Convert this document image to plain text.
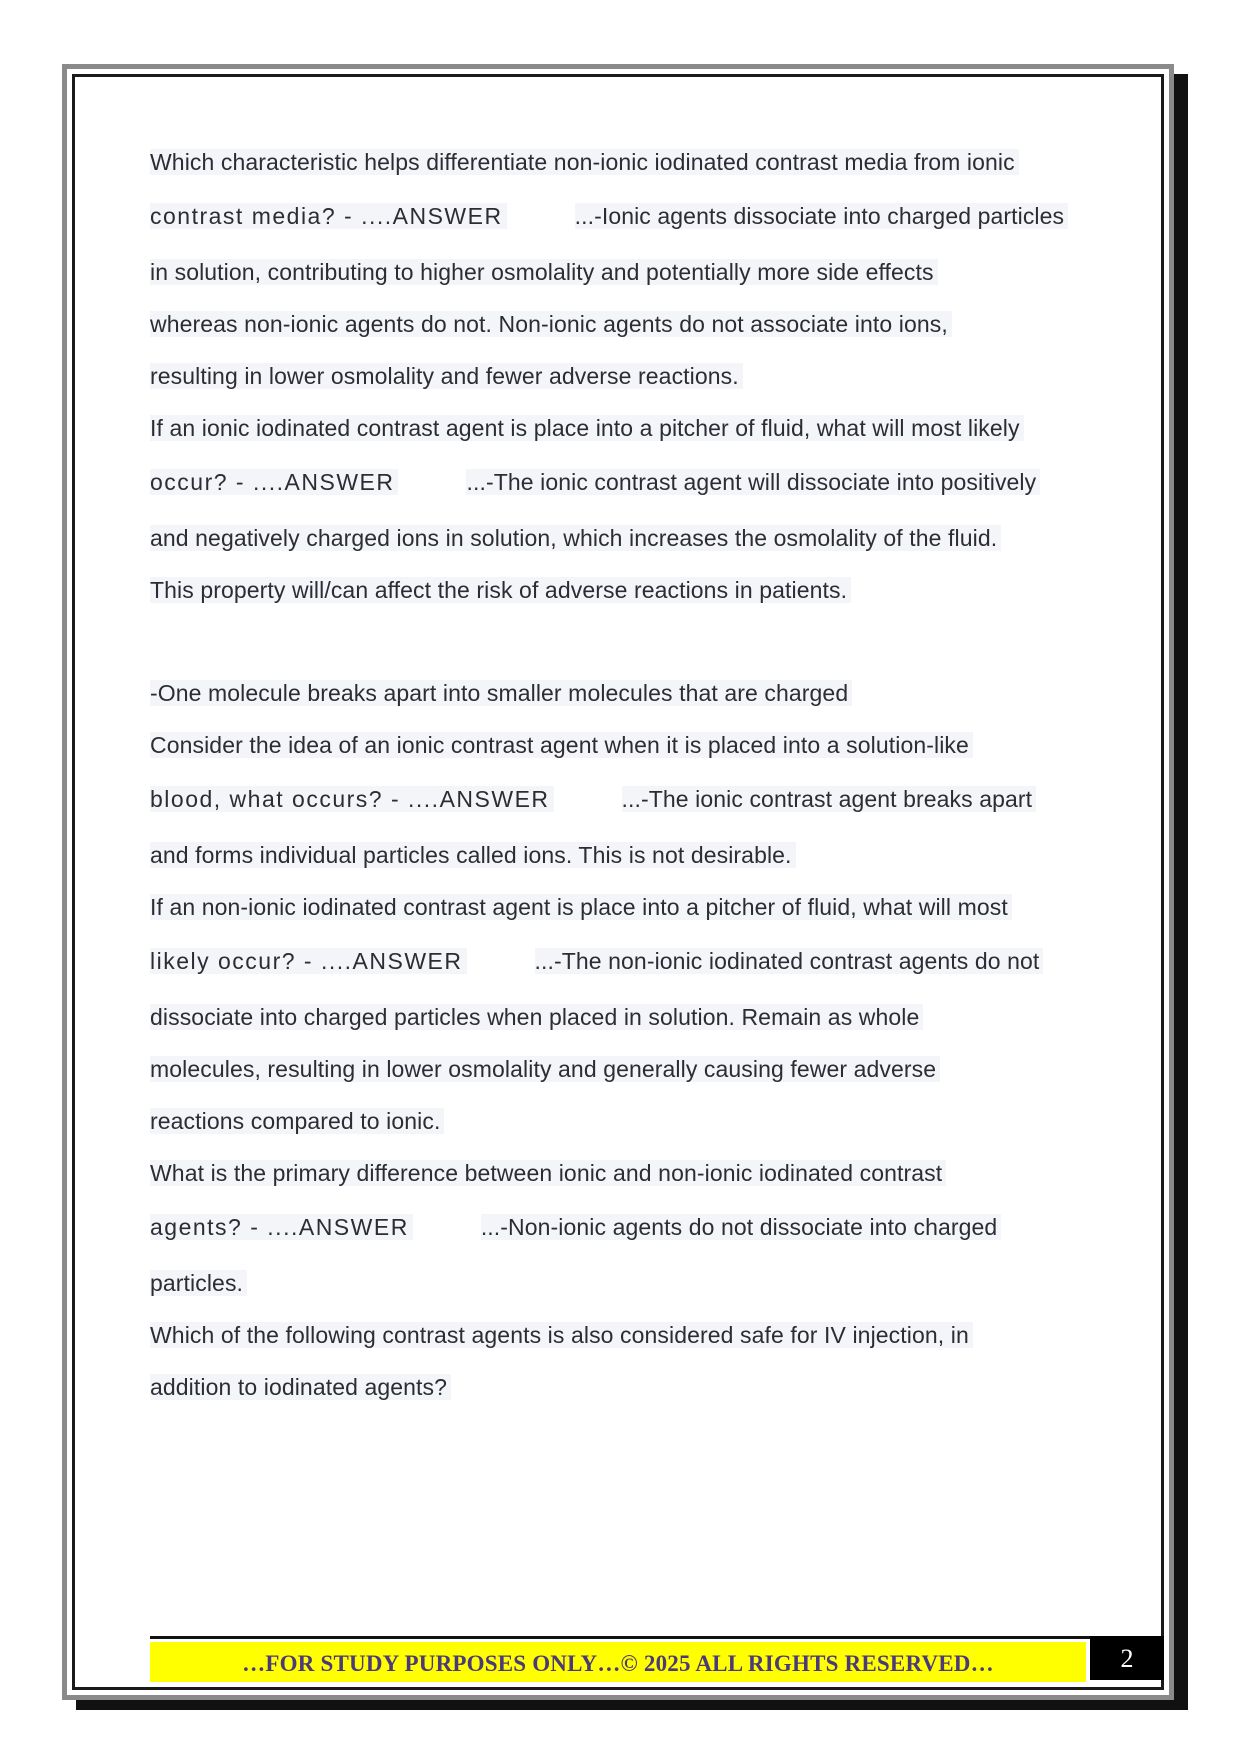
Which characteristic helps differentiate non-ionic iodinated contrast media from ionic
contrast media? - ....ANSWER	...-Ionic agents dissociate into charged particles
in solution, contributing to higher osmolality and potentially more side effects
whereas non-ionic agents do not. Non-ionic agents do not associate into ions,
resulting in lower osmolality and fewer adverse reactions.
If an ionic iodinated contrast agent is place into a pitcher of fluid, what will most likely
occur? - ....ANSWER	...-The ionic contrast agent will dissociate into positively
and negatively charged ions in solution, which increases the osmolality of the fluid.
This property will/can affect the risk of adverse reactions in patients.
-One molecule breaks apart into smaller molecules that are charged
Consider the idea of an ionic contrast agent when it is placed into a solution-like
blood, what occurs? - ....ANSWER	...-The ionic contrast agent breaks apart
and forms individual particles called ions. This is not desirable.
If an non-ionic iodinated contrast agent is place into a pitcher of fluid, what will most
likely occur? - ....ANSWER	...-The non-ionic iodinated contrast agents do not
dissociate into charged particles when placed in solution. Remain as whole
molecules, resulting in lower osmolality and generally causing fewer adverse
reactions compared to ionic.
What is the primary difference between ionic and non-ionic iodinated contrast
agents? - ....ANSWER	...-Non-ionic agents do not dissociate into charged
particles.
Which of the following contrast agents is also considered safe for IV injection, in
addition to iodinated agents?
…FOR STUDY PURPOSES ONLY…© 2025 ALL RIGHTS RESERVED…	2
